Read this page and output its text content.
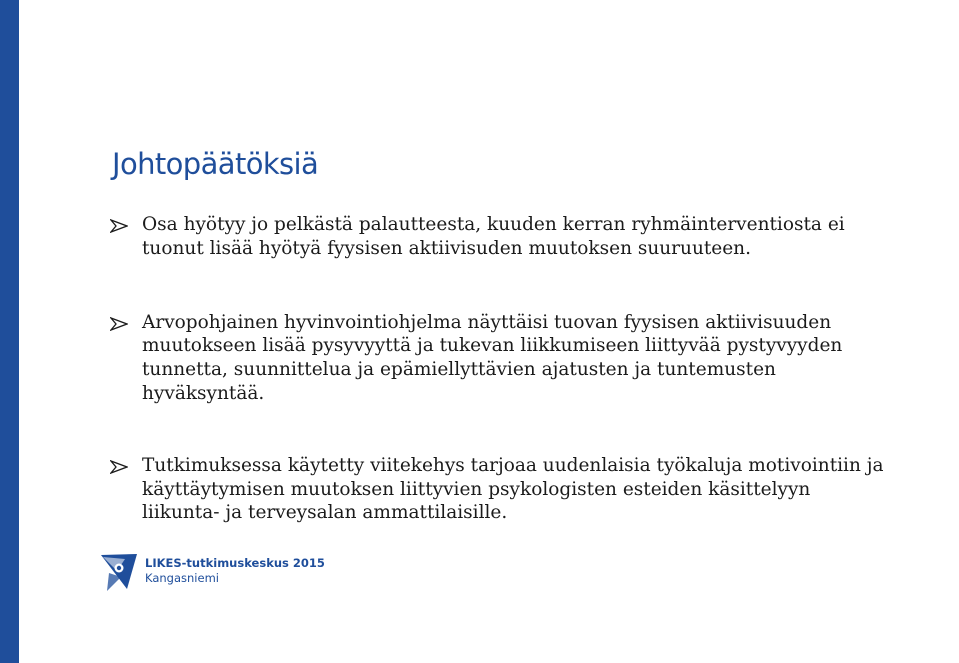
Johtopäätöksiä
Osa hyötyy jo pelkästä palautteesta, kuuden kerran ryhmäinterventiosta ei
tuonut lisää hyötyä fyysisen aktiivisuden muutoksen suuruuteen.
Arvopohjainen hyvinvointiohjelma näyttäisi tuovan fyysisen aktiivisuuden
muutokseen lisää pysyvyyttä ja tukevan liikkumiseen liittyvää pystyvyyden
tunnetta, suunnittelua ja epämiellyttävien ajatusten ja tuntemusten
hyväksyntää.
Tutkimuksessa käytetty viitekehys tarjoaa uudenlaisia työkaluja motivointiin ja
käyttäytymisen muutoksen liittyvien psykologisten esteiden käsittelyyn
liikunta- ja terveysalan ammattilaisille.
LIKES-tutkimuskeskus 2015
Kangasniemi
